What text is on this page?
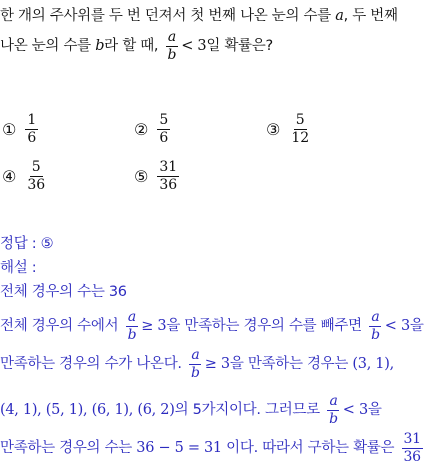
한 개의 주사위를 두 번 던져서 첫 번째 나온 눈의 수를 a, 두 번째
나온 눈의 수를 b라 할 때, $\frac{a}{b} < 3$일 확률은?
① $\frac{1}{6}$	② $\frac{5}{6}$	③ $\frac{5}{12}$
④ $\frac{5}{36}$	⑤ $\frac{31}{36}$
정답 : ⑤
해설 :
전체 경우의 수는 36
전체 경우의 수에서 $\frac{a}{b} \ge 3$을 만족하는 경우의 수를 빼주면 $\frac{a}{b} < 3$을
만족하는 경우의 수가 나온다. $\frac{a}{b} \ge 3$을 만족하는 경우는 (3, 1),
(4, 1), (5, 1), (6, 1), (6, 2)의 5가지이다. 그러므로 $\frac{a}{b} < 3$을
만족하는 경우의 수는 36 − 5 = 31 이다. 따라서 구하는 확률은 $\frac{31}{36}$
